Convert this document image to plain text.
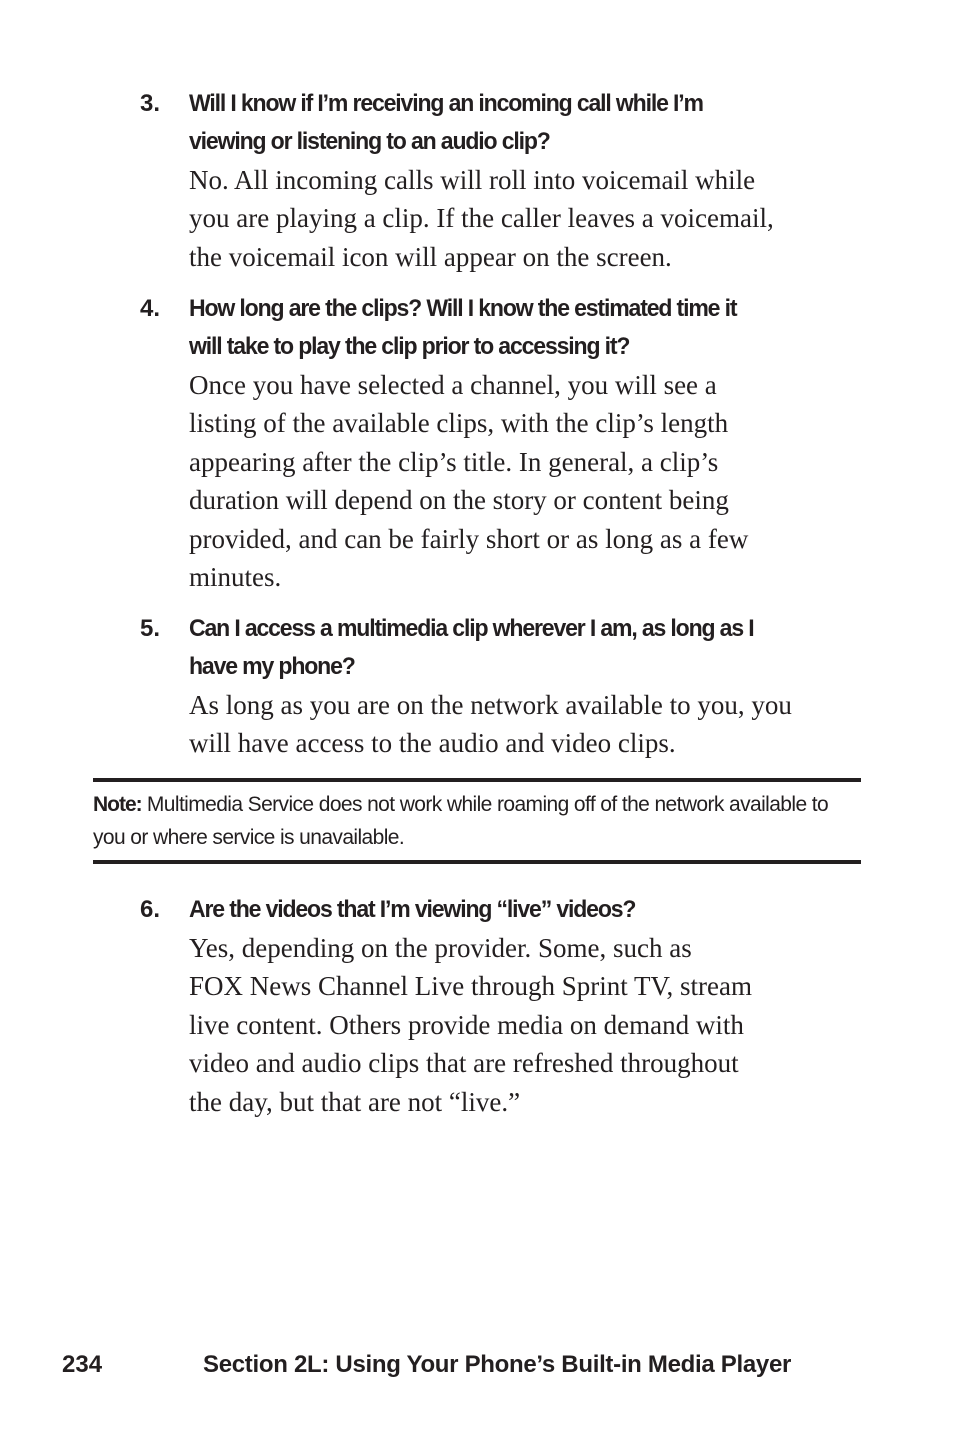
3. Will I know if I’m receiving an incoming call while I’m
viewing or listening to an audio clip?
No. All incoming calls will roll into voicemail while
you are playing a clip. If the caller leaves a voicemail,
the voicemail icon will appear on the screen.
4. How long are the clips? Will I know the estimated time it
will take to play the clip prior to accessing it?
Once you have selected a channel, you will see a
listing of the available clips, with the clip’s length
appearing after the clip’s title. In general, a clip’s
duration will depend on the story or content being
provided, and can be fairly short or as long as a few
minutes.
5. Can I access a multimedia clip wherever I am, as long as I
have my phone?
As long as you are on the network available to you, you
will have access to the audio and video clips.
Note: Multimedia Service does not work while roaming off of the network available to you or where service is unavailable.
6. Are the videos that I’m viewing “live” videos?
Yes, depending on the provider. Some, such as
FOX News Channel Live through Sprint TV, stream
live content. Others provide media on demand with
video and audio clips that are refreshed throughout
the day, but that are not “live.”
234	Section 2L: Using Your Phone’s Built-in Media Player
